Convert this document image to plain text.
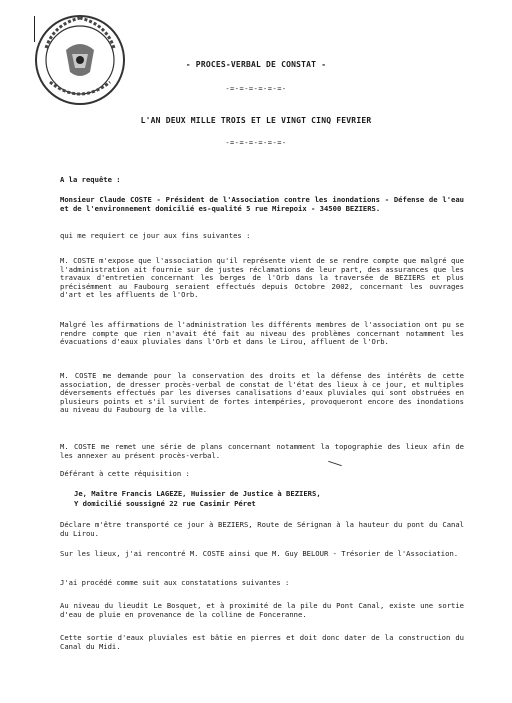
- PROCES-VERBAL DE CONSTAT -
-=-=-=-=-=-=-
L'AN DEUX MILLE TROIS ET LE VINGT CINQ FEVRIER
-=-=-=-=-=-=-

A la requête :

Monsieur Claude COSTE - Président de l'Association contre les inondations - Défense de l'eau et de l'environnement domicilié es-qualité 5 rue Mirepoix - 34500 BEZIERS.

qui me requiert ce jour aux fins suivantes :

M. COSTE m'expose que l'association qu'il représente vient de se rendre compte que malgré que l'administration ait fournie sur de justes réclamations de leur part, des assurances que les travaux d'entretien concernant les berges de l'Orb dans la traversée de BEZIERS et plus précisémment au Faubourg seraient effectués depuis Octobre 2002, concernant les ouvrages d'art et les affluents de l'Orb.

Malgré les affirmations de l'administration les différents membres de l'association ont pu se rendre compte que rien n'avait été fait au niveau des problèmes concernant notamment les évacuations d'eaux pluviales dans l'Orb et dans le Lirou, affluent de l'Orb.

M. COSTE me demande pour la conservation des droits et la défense des intérêts de cette association, de dresser procès-verbal de constat de l'état des lieux à ce jour, et multiples déversements effectués par les diverses canalisations d'eaux pluviales qui sont obstruées en plusieurs points et s'il survient de fortes intempéries, provoqueront encore des inondations au niveau du Faubourg de la ville.

M. COSTE me remet une série de plans concernant notamment la topographie des lieux afin de les annexer au présent procès-verbal.

Déférant à cette réquisition :

Je, Maître Francis LAGEZE, Huissier de Justice à BEZIERS,

Y domicilié soussigné 22 rue Casimir Péret

Déclare m'être transporté ce jour à BEZIERS, Route de Sérignan à la hauteur du pont du Canal du Lirou.

Sur les lieux, j'ai rencontré M. COSTE ainsi que M. Guy BELOUR - Trésorier de l'Association.

J'ai procédé comme suit aux constatations suivantes :

Au niveau du lieudit Le Bosquet, et à proximité de la pile du Pont Canal, existe une sortie d'eau de pluie en provenance de la colline de Fonceranne.

Cette sortie d'eaux pluviales est bâtie en pierres et doit donc dater de la construction du Canal du Midi.
